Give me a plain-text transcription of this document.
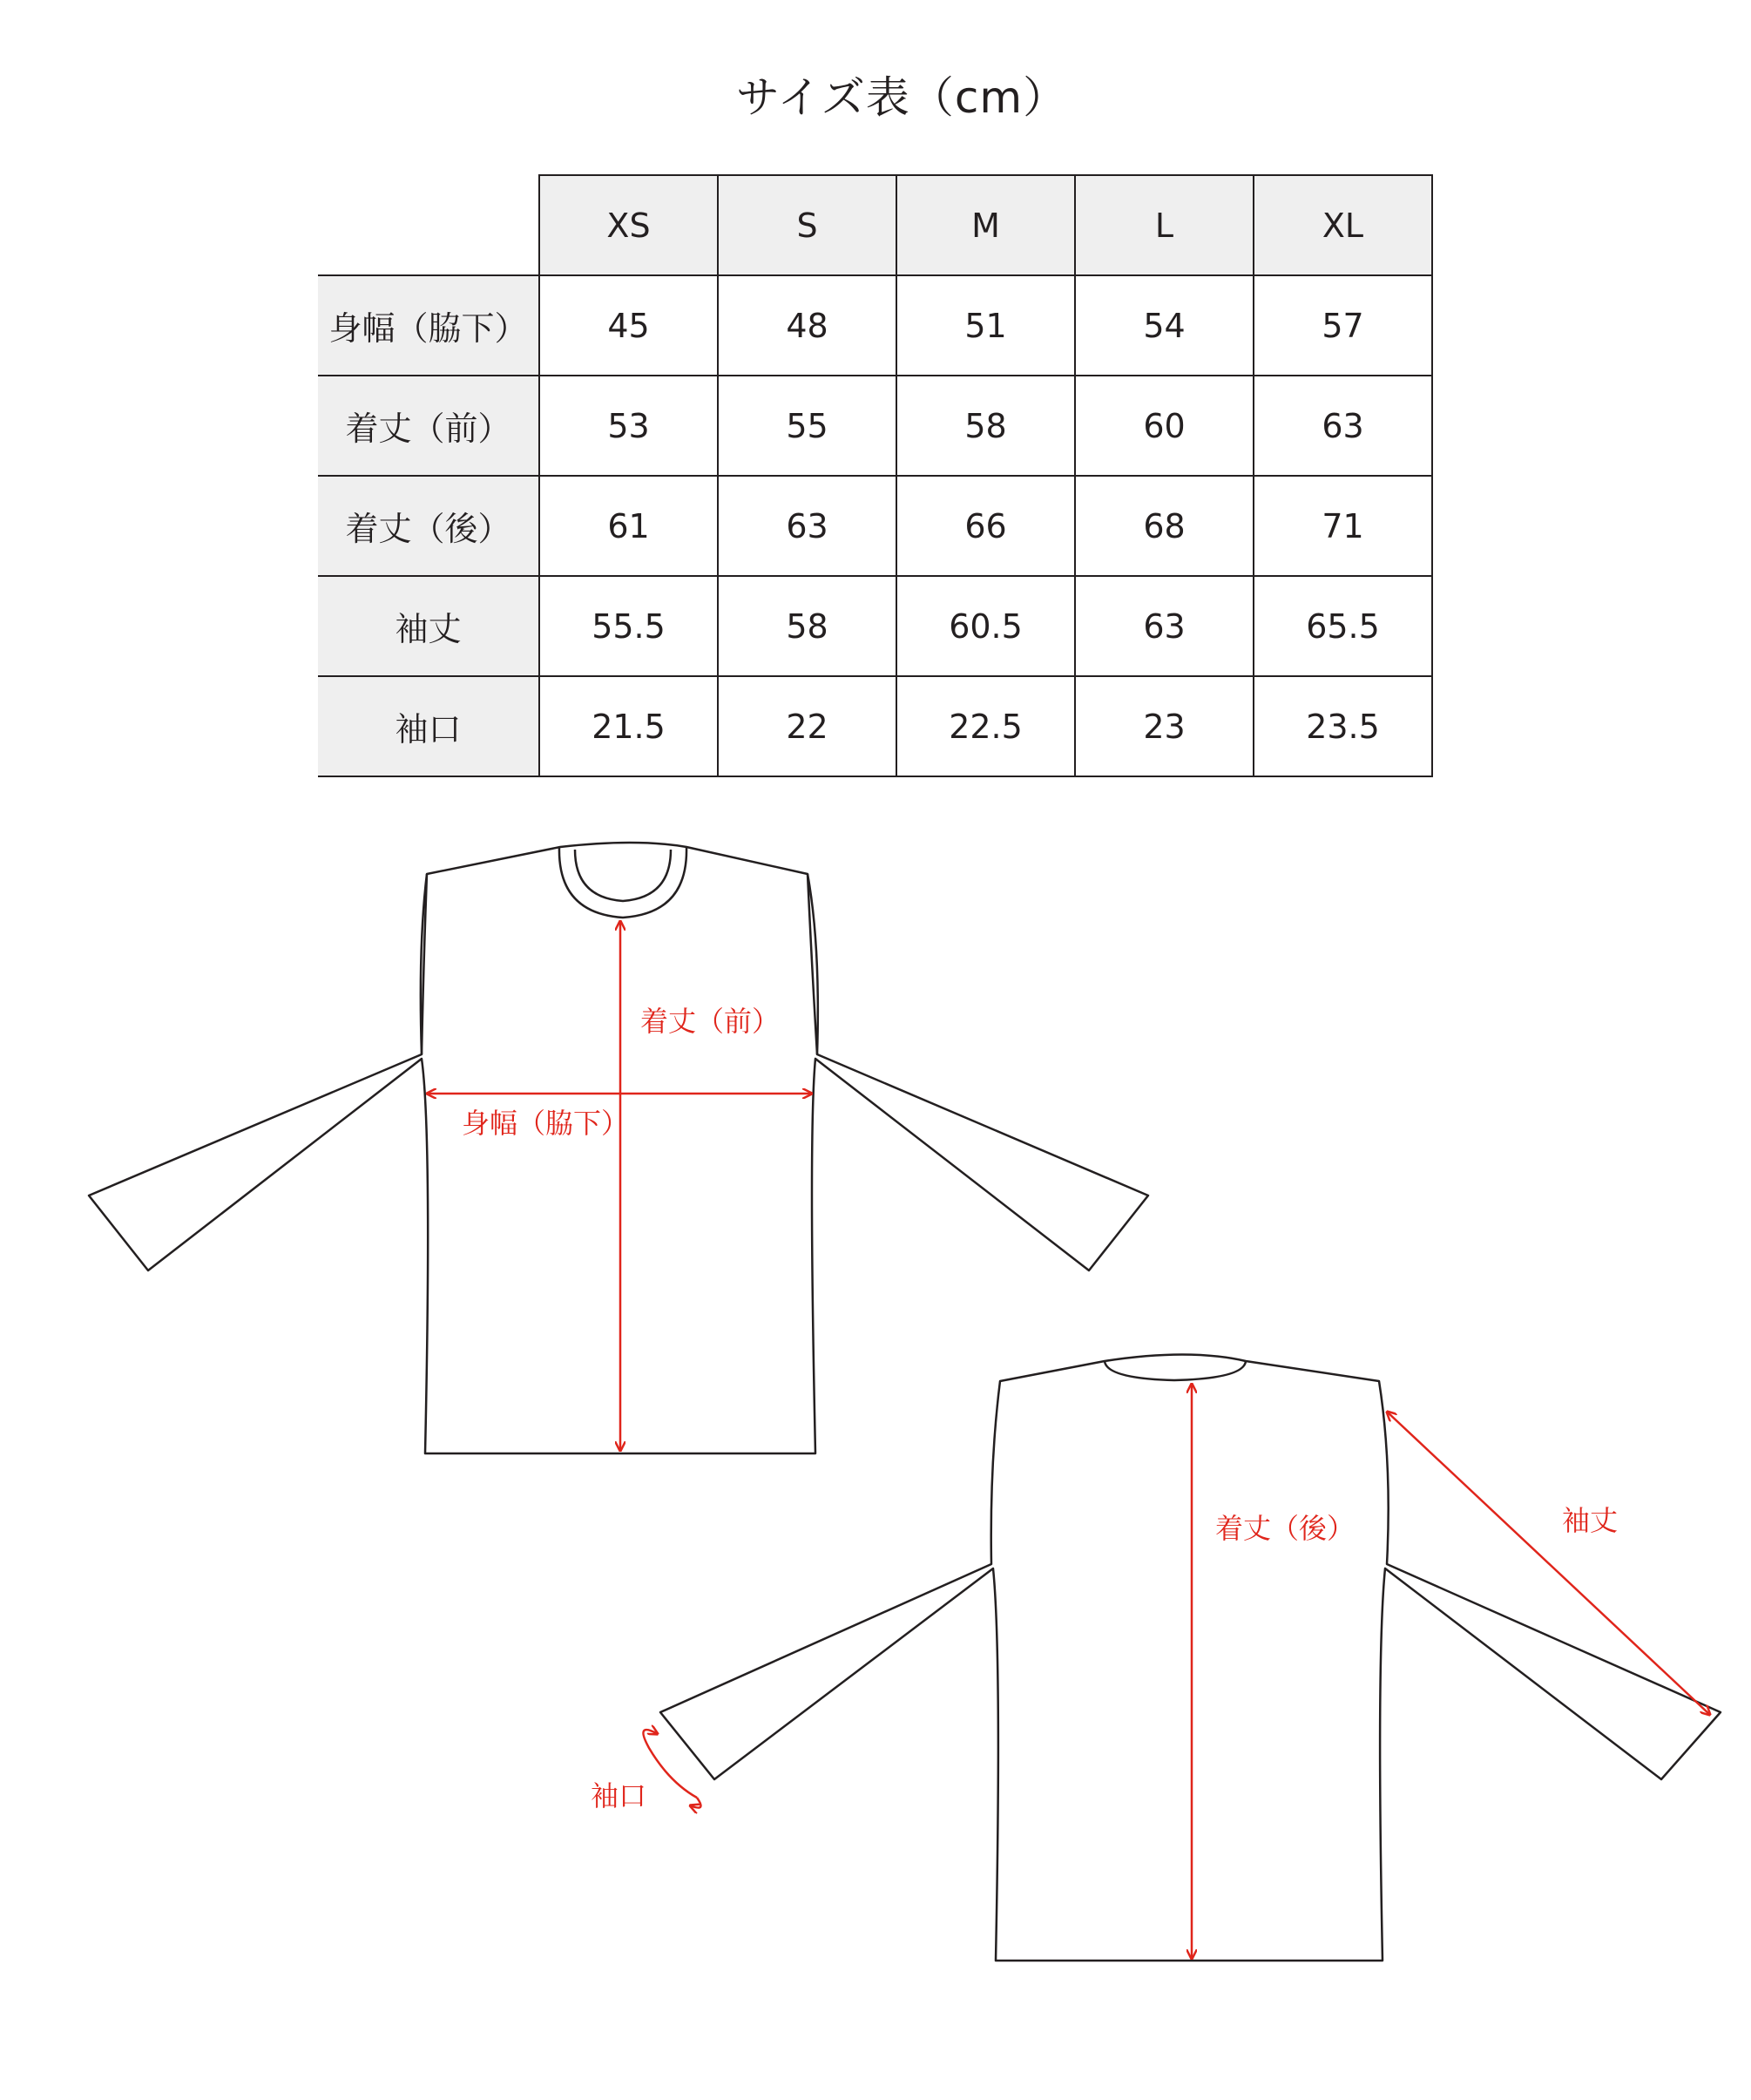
サイズ表（cm）
	XS	S	M	L	XL
身幅（脇下）	45	48	51	54	57
着丈（前）	53	55	58	60	63
着丈（後）	61	63	66	68	71
袖丈	55.5	58	60.5	63	65.5
袖口	21.5	22	22.5	23	23.5
着丈（前）
身幅（脇下）
着丈（後）	袖丈
袖口
